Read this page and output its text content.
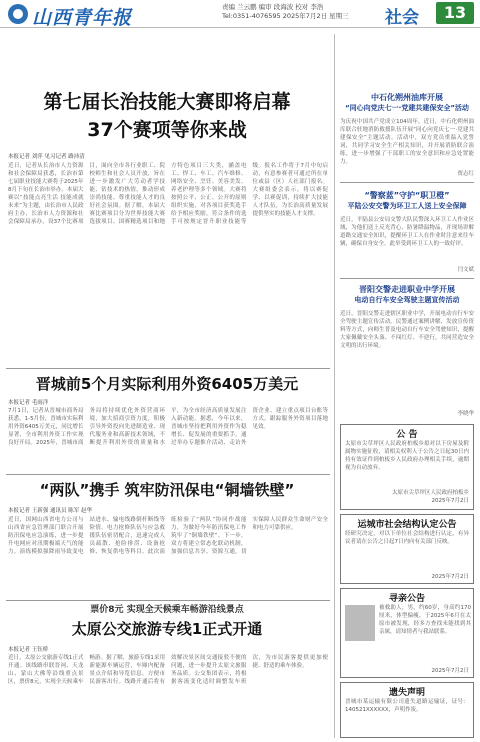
山西青年报	责编 兰云鹏 编审 段海波 校对 李浩
Tel:0351-4076595 2025年7月2日 星期三 社会	13
第七届长治技能大赛即将启幕
37个赛项等你来战
本报记者 刘萍 见习记者 路沛清
近日，记者从长治市人力资源和社会保障局获悉，长治市第七届职业技能大赛将于2025年8月下旬在长治市举办。本届大赛以“技能点亮生活 技能成就未来”为主题，由长治市人民政府主办，长治市人力资源和社会保障局承办，设37个比赛项目，面向全市各行业职工、院校师生和社会人员开放，旨在进一步激发广大劳动者学技能、钻技术的热情，推动形成崇尚技能、尊重技能人才的良好社会氛围。据了解，本届大赛比赛项目分为世界技能大赛选拔项目、国赛精选项目和地方特色项目三大类，涵盖电工、焊工、车工、汽车维修、网络安全、烹饪、美容美发、养老护理等多个领域。大赛将按照公平、公正、公开的原则组织实施，对各项目获奖选手给予相应奖励，符合条件的选手可按规定晋升职业技能等级。报名工作将于7月中旬启动，有意参赛者可通过所在单位或县（区）人社部门报名。大赛组委会表示，将以赛促学、以赛促训，持续扩大技能人才队伍，为长治高质量发展提供坚实的技能人才支撑。
晋城前5个月实际利用外资6405万美元
本报记者 毛雨洋
7月1日，记者从晋城市商务局获悉，1-5月份，晋城市实际利用外资6405万美元，同比增长显著，全市利用外资工作实现良好开局。2025年，晋城市商务局将持续优化外资营商环境，加大招商引资力度，积极引导外资投向先进制造业、现代服务业和高新技术领域，不断提升利用外资的质量和水平，为全市经济高质量发展注入新动能。据悉，今年以来，晋城市坚持把利用外资作为稳增长、促发展的重要抓手，通过举办专题推介活动、走访外资企业、建立重点项目台账等方式，跟踪服务外资项目落地见效。
“两队”携手 筑牢防汛保电“铜墙铁壁”
本报记者 王新强 通讯员 陈军 赵华
近日，国网山西省电力公司与山西省应急管理部门联合开展防汛保电应急演练，进一步提升电网应对汛期极端天气的能力。演练模拟强降雨导致变电站进水、输电线路倒杆断线等险情，电力抢修队伍与应急救援队伍密切配合，迅速完成人员疏散、抢险排涝、设备抢修、恢复供电等科目。此次演练检验了“两队”协同作战能力，为做好今年防汛保电工作筑牢了“铜墙铁壁”。下一步，双方将建立常态化联动机制，加强信息共享、资源互通，切实保障人民群众生命财产安全和电力可靠供应。
票价8元 实现全天候乘车畅游沿线景点
太原公交旅游专线1正式开通
本报记者 王钰桥
近日，太原公交旅游专线1正式开通。该线路串联晋祠、天龙山、蒙山大佛等沿线重点景区，票价8元，实现全天候乘车畅游。据了解，旅游专线1采用新能源车辆运营，车厢内配备景点介绍和导览信息，方便市民游客出行。线路开通后将有效解决景区间交通接驳不便的问题，进一步提升太原文旅服务品质。公交集团表示，将根据客流变化适时调整发车班次，为市民游客提供更加便捷、舒适的乘车体验。
中石化朔州油库开展
“同心向党庆七一·党建共建保安全”活动
为庆祝中国共产党成立104周年，近日，中石化朔州油库联合驻地消防救援队伍开展“同心向党庆七一·党建共建保安全”主题活动。活动中，双方党员重温入党誓词，共同学习安全生产相关知识，并开展消防联合演练，进一步增强了干部职工的安全意识和应急处置能力。
贾志红
“警察蓝”守护“职卫橙”
平陆公安交警为环卫工人送上安全保障
近日，平陆县公安局交警大队民警深入环卫工人作业区域，为他们送上反光背心、防暑降温物品，并现场讲解道路交通安全知识，提醒环卫工人在作业时注意来往车辆，确保自身安全。此举受到环卫工人的一致好评。
闫文斌
晋阳交警走进职业中学开展
电动自行车安全驾驶主题宣传活动
近日，晋阳交警走进辖区职业中学，开展电动自行车安全驾驶主题宣传活动。民警通过案例讲解、发放宣传资料等方式，向师生普及电动自行车安全驾驶知识，提醒大家佩戴安全头盔、不闯红灯、不逆行，共同营造安全文明的出行环境。
李晓华
公 告
太原市尖草坪区人民政府柏板乡拟对以下房屋及附属物实施征收，请相关权利人于公告之日起30日内持有效证件到柏板乡人民政府办理相关手续，逾期视为自动放弃。
太原市尖草坪区人民政府柏板乡
2025年7月2日
运城市社会结构认定公告
经研究决定，对以下单位社会结构进行认定，有异议者请在公告之日起7日内向有关部门反映。
2025年7月2日
寻亲公告
被救助人，男，约60岁，身高约170厘米，体型偏瘦，于2025年6月在太原市被发现，经多方查找未能找到其亲属，请知情者与我站联系。
2025年7月2日
遗失声明
晋城市某运输有限公司遗失道路运输证，证号：140521XXXXXX，声明作废。
